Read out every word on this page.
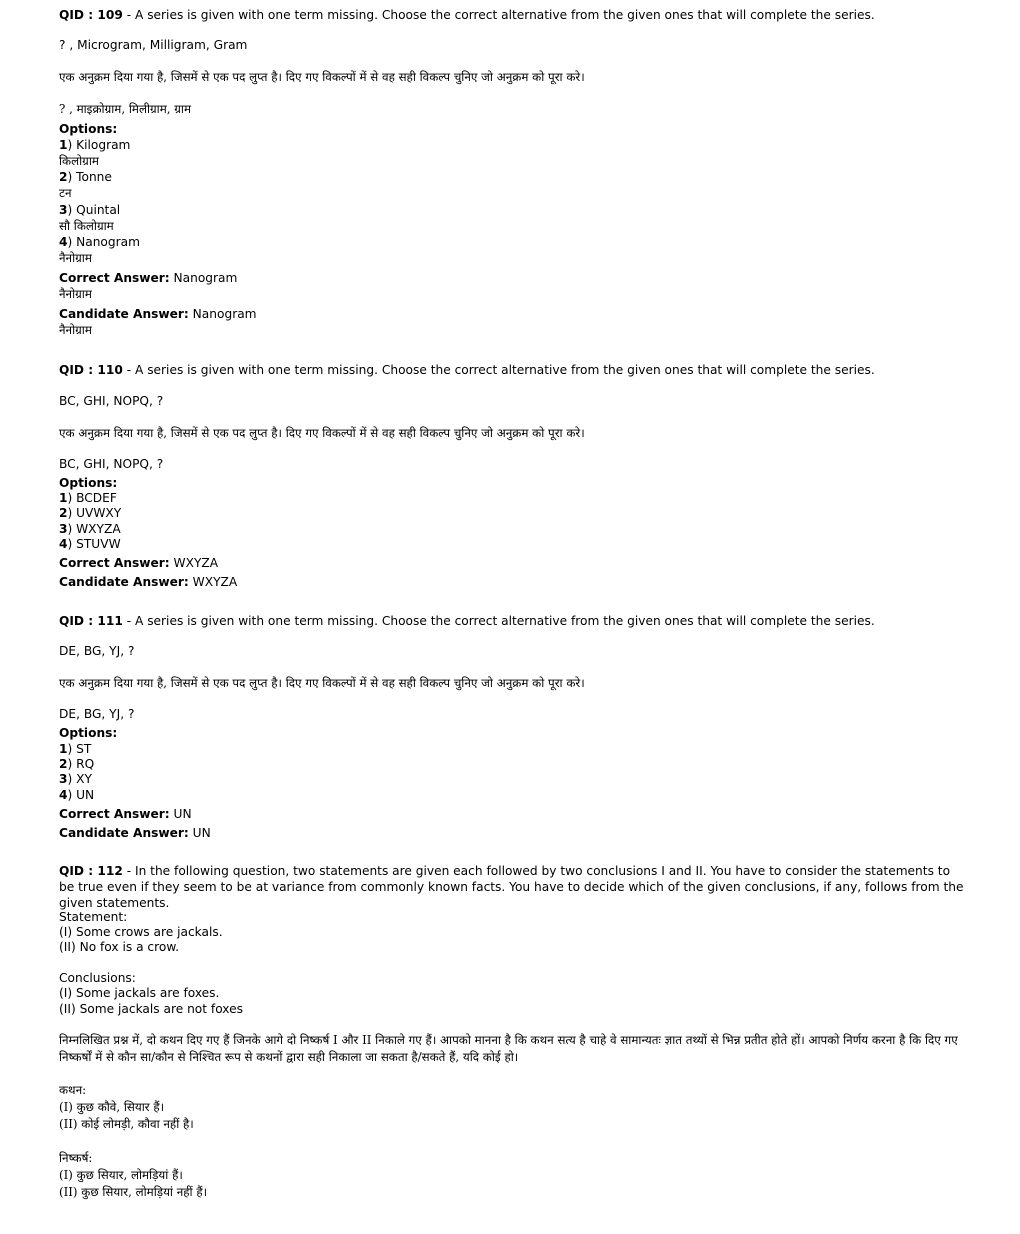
QID : 109 - A series is given with one term missing. Choose the correct alternative from the given ones that will complete the series.
? , Microgram, Milligram, Gram
एक अनुक्रम दिया गया है, जिसमें से एक पद लुप्त है। दिए गए विकल्पों में से वह सही विकल्प चुनिए जो अनुक्रम को पूरा करे।
? , माइक्रोग्राम, मिलीग्राम, ग्राम
Options:
1) Kilogram
किलोग्राम
2) Tonne
टन
3) Quintal
सौ किलोग्राम
4) Nanogram
नैनोग्राम
Correct Answer: Nanogram
नैनोग्राम
Candidate Answer: Nanogram
नैनोग्राम
QID : 110 - A series is given with one term missing. Choose the correct alternative from the given ones that will complete the series.
BC, GHI, NOPQ, ?
एक अनुक्रम दिया गया है, जिसमें से एक पद लुप्त है। दिए गए विकल्पों में से वह सही विकल्प चुनिए जो अनुक्रम को पूरा करे।
BC, GHI, NOPQ, ?
Options:
1) BCDEF
2) UVWXY
3) WXYZA
4) STUVW
Correct Answer: WXYZA
Candidate Answer: WXYZA
QID : 111 - A series is given with one term missing. Choose the correct alternative from the given ones that will complete the series.
DE, BG, YJ, ?
एक अनुक्रम दिया गया है, जिसमें से एक पद लुप्त है। दिए गए विकल्पों में से वह सही विकल्प चुनिए जो अनुक्रम को पूरा करे।
DE, BG, YJ, ?
Options:
1) ST
2) RQ
3) XY
4) UN
Correct Answer: UN
Candidate Answer: UN
QID : 112 - In the following question, two statements are given each followed by two conclusions I and II. You have to consider the statements to be true even if they seem to be at variance from commonly known facts. You have to decide which of the given conclusions, if any, follows from the given statements.
Statement:
(I) Some crows are jackals.
(II) No fox is a crow.
Conclusions:
(I) Some jackals are foxes.
(II) Some jackals are not foxes
निम्नलिखित प्रश्न में, दो कथन दिए गए हैं जिनके आगे दो निष्कर्ष I और II निकाले गए हैं। आपको मानना है कि कथन सत्य है चाहे वे सामान्यतः ज्ञात तथ्यों से भिन्न प्रतीत होते हों। आपको निर्णय करना है कि दिए गए निष्कर्षों में से कौन सा/कौन से निश्चित रूप से कथनों द्वारा सही निकाला जा सकता है/सकते हैं, यदि कोई हो।
कथन:
(I) कुछ कौवे, सियार हैं।
(II) कोई लोमड़ी, कौवा नहीं है।
निष्कर्ष:
(I) कुछ सियार, लोमड़ियां हैं।
(II) कुछ सियार, लोमड़ियां नहीं हैं।
